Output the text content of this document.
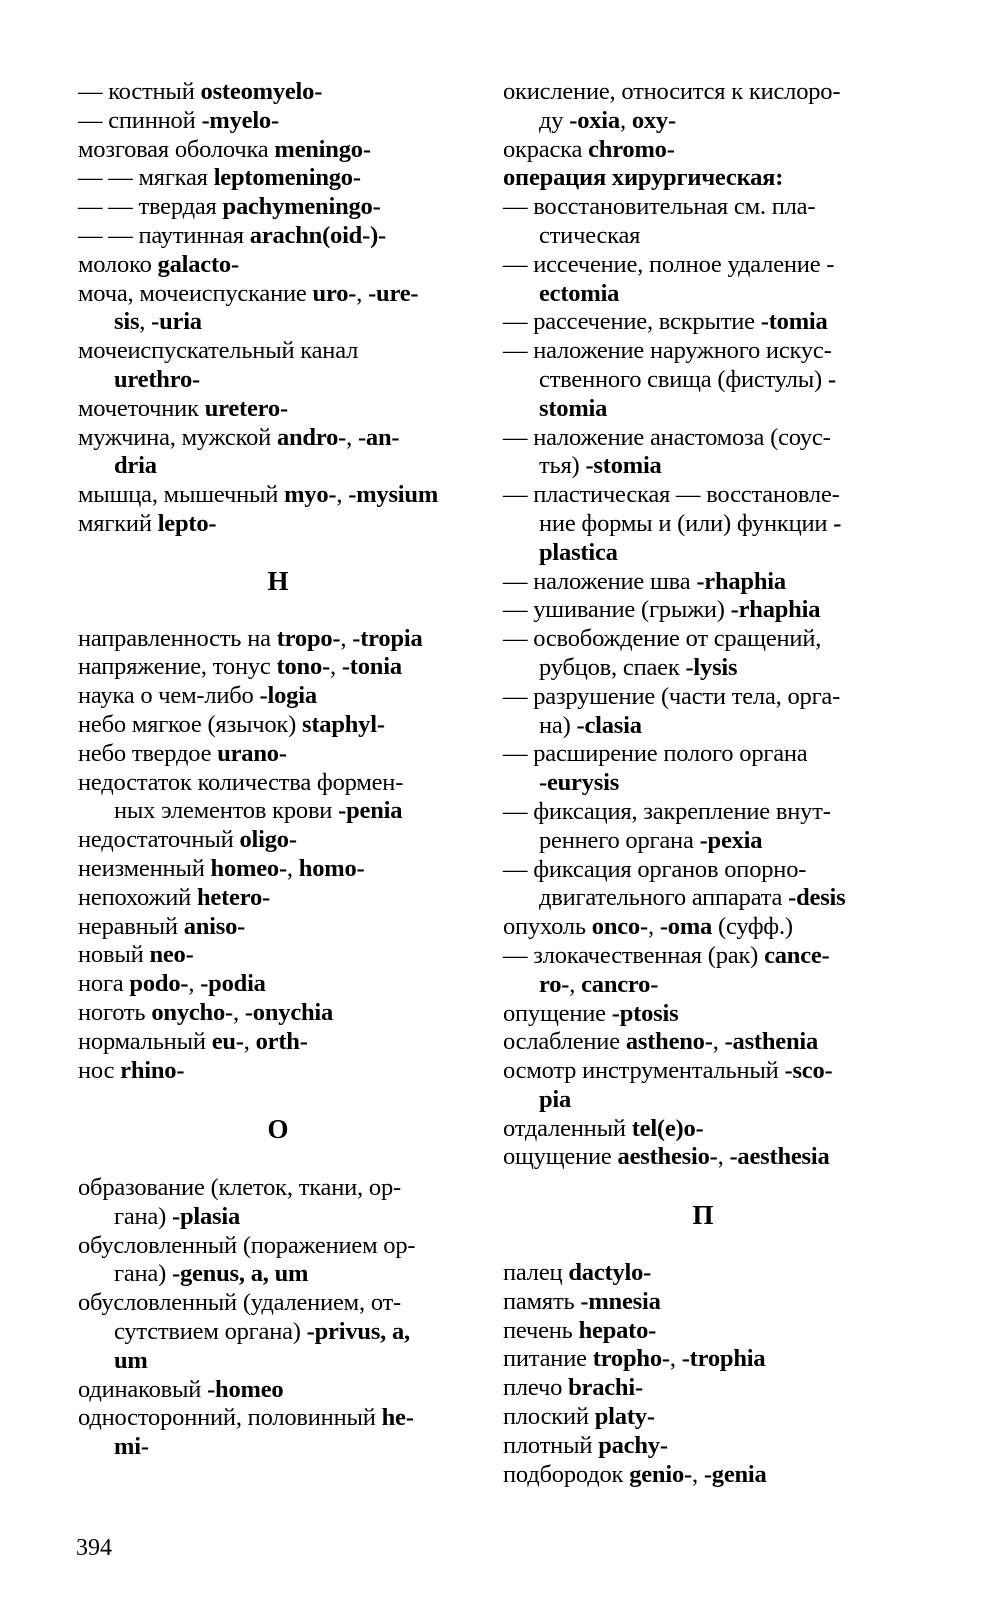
— костный osteomyelo-
— спинной -myelo-
мозговая оболочка meningo-
— — мягкая leptomeningo-
— — твердая pachymeningo-
— — паутинная arachn(oid-)-
молоко galacto-
моча, мочеиспускание uro-, -ure-
sis, -uria
мочеиспускательный канал
urethro-
мочеточник uretero-
мужчина, мужской andro-, -an-
dria
мышца, мышечный myo-, -mysium
мягкий lepto-
Н
направленность на tropo-, -tropia
напряжение, тонус tono-, -tonia
наука о чем-либо -logia
небо мягкое (язычок) staphyl-
небо твердое urano-
недостаток количества формен-
ных элементов крови -penia
недостаточный oligo-
неизменный homeo-, homo-
непохожий hetero-
неравный aniso-
новый neo-
нога podo-, -podia
ноготь onycho-, -onychia
нормальный eu-, orth-
нос rhino-
О
образование (клеток, ткани, ор-
гана) -plasia
обусловленный (поражением ор-
гана) -genus, a, um
обусловленный (удалением, от-
сутствием органа) -privus, a,
um
одинаковый -homeo
односторонний, половинный he-
mi-
окисление, относится к кислоро-
ду -oxia, oxy-
окраска chromo-
операция хирургическая:
— восстановительная см. пла-
стическая
— иссечение, полное удаление -
ectomia
— рассечение, вскрытие -tomia
— наложение наружного искус-
ственного свища (фистулы) -
stomia
— наложение анастомоза (соус-
тья) -stomia
— пластическая — восстановле-
ние формы и (или) функции -
plastica
— наложение шва -rhaphia
— ушивание (грыжи) -rhaphia
— освобождение от сращений,
рубцов, спаек -lysis
— разрушение (части тела, орга-
на) -clasia
— расширение полого органа
-eurysis
— фиксация, закрепление внут-
реннего органа -pexia
— фиксация органов опорно-
двигательного аппарата -desis
опухоль onco-, -oma (суфф.)
— злокачественная (рак) cance-
ro-, cancro-
опущение -ptosis
ослабление astheno-, -asthenia
осмотр инструментальный -sco-
pia
отдаленный tel(e)o-
ощущение aesthesio-, -aesthesia
П
палец dactylo-
память -mnesia
печень hepato-
питание tropho-, -trophia
плечо brachi-
плоский platy-
плотный pachy-
подбородок genio-, -genia
394
